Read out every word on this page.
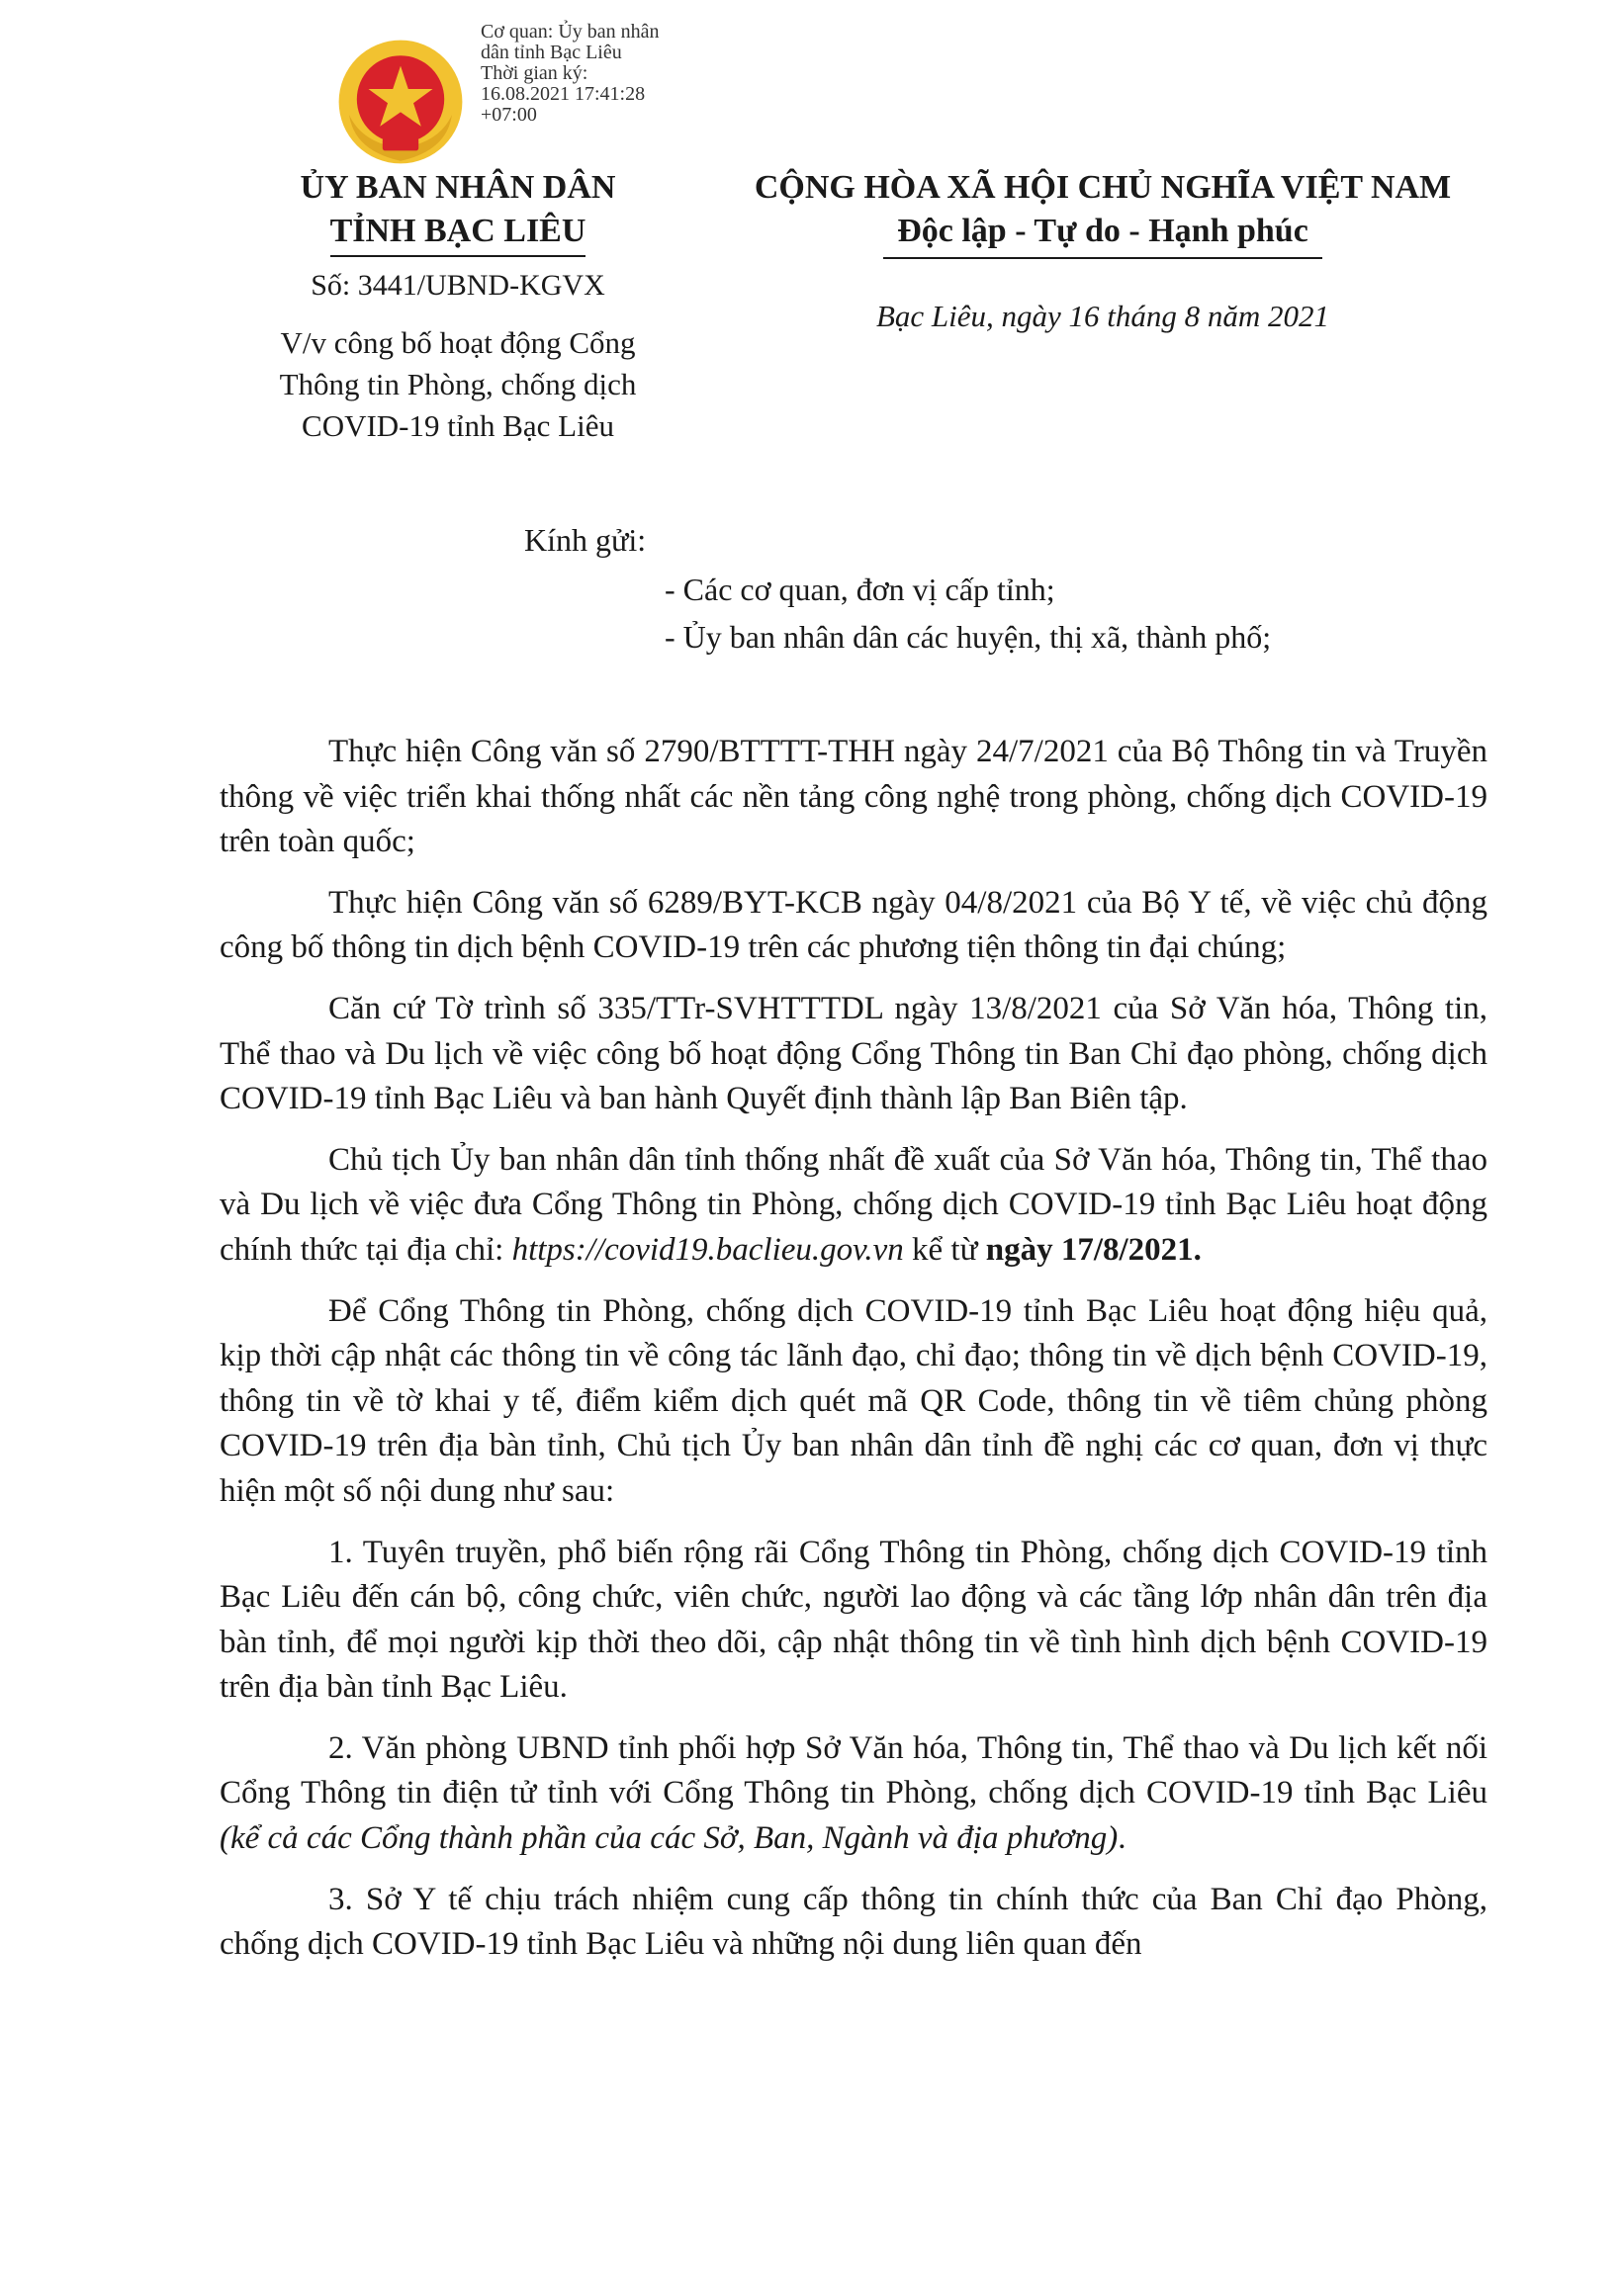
Cơ quan: Ủy ban nhân
dân tỉnh Bạc Liêu
Thời gian ký:
16.08.2021 17:41:28
+07:00
ỦY BAN NHÂN DÂN
TỈNH BẠC LIÊU
Số: 3441/UBND-KGVX
V/v công bố hoạt động Cổng
Thông tin Phòng, chống dịch
COVID-19 tỉnh Bạc Liêu
CỘNG HÒA XÃ HỘI CHỦ NGHĨA VIỆT NAM
Độc lập - Tự do - Hạnh phúc
Bạc Liêu, ngày 16 tháng 8 năm 2021
Kính gửi:
- Các cơ quan, đơn vị cấp tỉnh;
- Ủy ban nhân dân các huyện, thị xã, thành phố;

Thực hiện Công văn số 2790/BTTTT-THH ngày 24/7/2021 của Bộ Thông tin và Truyền thông về việc triển khai thống nhất các nền tảng công nghệ trong phòng, chống dịch COVID-19 trên toàn quốc;

Thực hiện Công văn số 6289/BYT-KCB ngày 04/8/2021 của Bộ Y tế, về việc chủ động công bố thông tin dịch bệnh COVID-19 trên các phương tiện thông tin đại chúng;

Căn cứ Tờ trình số 335/TTr-SVHTTTDL ngày 13/8/2021 của Sở Văn hóa, Thông tin, Thể thao và Du lịch về việc công bố hoạt động Cổng Thông tin Ban Chỉ đạo phòng, chống dịch COVID-19 tỉnh Bạc Liêu và ban hành Quyết định thành lập Ban Biên tập.

Chủ tịch Ủy ban nhân dân tỉnh thống nhất đề xuất của Sở Văn hóa, Thông tin, Thể thao và Du lịch về việc đưa Cổng Thông tin Phòng, chống dịch COVID-19 tỉnh Bạc Liêu hoạt động chính thức tại địa chỉ: https://covid19.baclieu.gov.vn kể từ ngày 17/8/2021.

Để Cổng Thông tin Phòng, chống dịch COVID-19 tỉnh Bạc Liêu hoạt động hiệu quả, kịp thời cập nhật các thông tin về công tác lãnh đạo, chỉ đạo; thông tin về dịch bệnh COVID-19, thông tin về tờ khai y tế, điểm kiểm dịch quét mã QR Code, thông tin về tiêm chủng phòng COVID-19 trên địa bàn tỉnh, Chủ tịch Ủy ban nhân dân tỉnh đề nghị các cơ quan, đơn vị thực hiện một số nội dung như sau:

1. Tuyên truyền, phổ biến rộng rãi Cổng Thông tin Phòng, chống dịch COVID-19 tỉnh Bạc Liêu đến cán bộ, công chức, viên chức, người lao động và các tầng lớp nhân dân trên địa bàn tỉnh, để mọi người kịp thời theo dõi, cập nhật thông tin về tình hình dịch bệnh COVID-19 trên địa bàn tỉnh Bạc Liêu.

2. Văn phòng UBND tỉnh phối hợp Sở Văn hóa, Thông tin, Thể thao và Du lịch kết nối Cổng Thông tin điện tử tỉnh với Cổng Thông tin Phòng, chống dịch COVID-19 tỉnh Bạc Liêu (kể cả các Cổng thành phần của các Sở, Ban, Ngành và địa phương).

3. Sở Y tế chịu trách nhiệm cung cấp thông tin chính thức của Ban Chỉ đạo Phòng, chống dịch COVID-19 tỉnh Bạc Liêu và những nội dung liên quan đến
